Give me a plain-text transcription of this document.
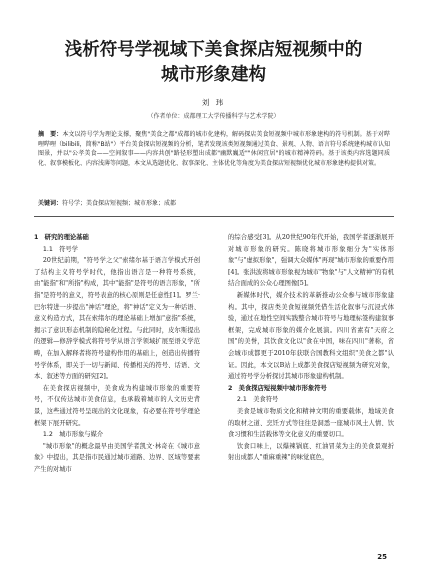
浅析符号学视域下美食探店短视频中的
城市形象建构
刘 玮
（作者单位：成都理工大学传播科学与艺术学院）
摘　要：本文以符号学为理论支撑，聚焦"美食之都"成都的城市化建构，解码探店美食短视频中城市形象建构的符号机制。基于对哔哩哔哩（bilibili，简称"B站"）平台美食探店短视频的分析，笔者发现该类短视频通过美食、景观、人物、语言符号系统建构城市认知图景，并以"公孝美食——空间叙事——内容共创"路径形塑出成都"幽默巍适""休闲宜居"的城市精神符码。基于该类内容选题同质化、叙事模板化、内容浅薄等问题，本文从选题优化、叙事深化、主体优化等角度为美食探店短视频优化城市形象建构提供对策。
关键词：符号学；美食探店短视频；城市形象；成都
1　研究的理论基础
1.1　符号学

20世纪前期，"符号学之父"索绪尔基于语言学模式开创了结构主义符号学时代，他指出语言是一种符号系统，由"能指"和"所指"构成，其中"能指"是符号的语言形象，"所指"是符号的意义，符号表意的核心原则是任意性[1]。罗兰·巴尔特进一步提出"神话"理论，将"神话"定义为一种话语、意义构造方式，其在索绪尔的理论基础上增加"意指"系统，揭示了意识形态机制的隐秘化过程。与此同时，皮尔斯提出的逻辑—修辞学模式将符号学从语言学领域扩展至语义学范畴，在加入解释者将符号建构作用的基础上，创造出传播符号学体系，即关于一切与新闻、传播相关的符号、话语、文本、叙述等方面的研究[2]。

在美食探店视频中，美食成为构建城市形象的重要符号，不仅传达城市美食信息，也承载着城市的人文历史背景，这些通过符号呈现出的文化现象，有必要在符号学理论框架下展开研究。

1.2　城市形象与媒介

"城市形象"的概念最早由美国学者凯文·林奇在《城市意象》中提出，其是指市民通过城市道路、边界、区域等要素产生的对城市

的综合感受[3]。从20世纪90年代开始，我国学者逐渐展开对城市形象的研究。陈晓将城市形象细分为"实体形象"与"虚拟形象"，强调大众媒体"再现"城市形象的重要作用[4]。张洪波将城市形象视为城市"物象"与"人文精神"的有机结合面成的公众心理图像[5]。

新媒体时代，媒介技术的革新推动公众参与城市形象建构。其中，探店类美食短视频凭借生活化叙事与沉浸式体验，通过在地性空间实践整合城市符号与地理标签构建叙事框架，完成城市形象的媒介化展演。四川省素有"天府之国"的美誉，其饮食文化以"食在中国，味在四川"著称，省会城市成都更于2010年获联合国教科文组织"美食之都"认证。因此，本文以B站上成都美食探店短视频为研究对象，通过符号学分析探讨其城市形象建构机制。

2　美食探店短视频中城市形象符号
2.1　美食符号

美食是城市物质文化和精神文明的重要载体，地域美食的取材之道、烹饪方式等往往是洞悉一座城市风土人情、饮食习惯和生活载体等文化意义的重要切口。

饮食口味上，以爆辣锅底、红油冒菜为主的美食景观折射出成都人"重麻重辣"的味觉底色，

25
